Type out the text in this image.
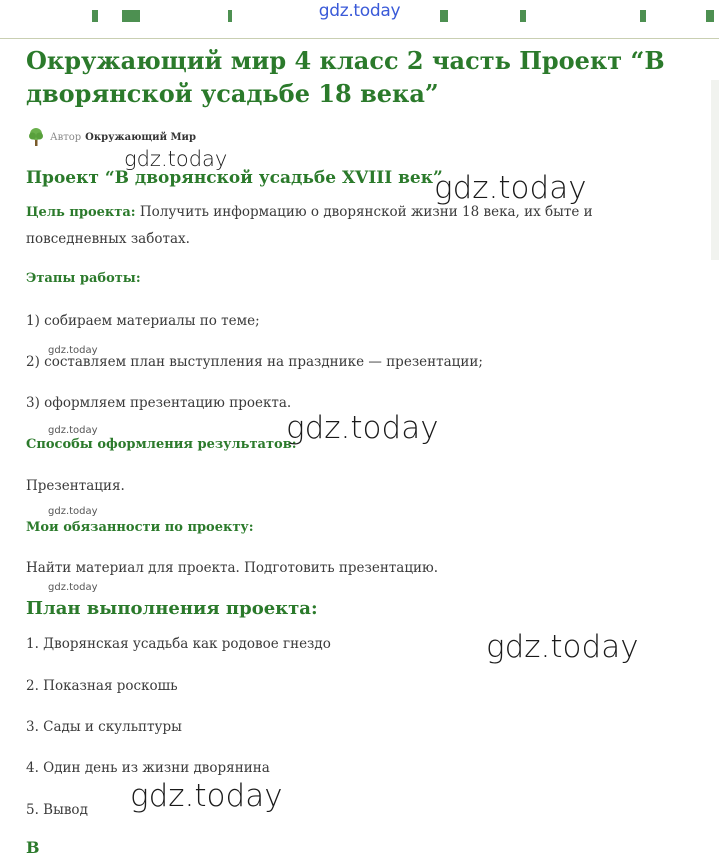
gdz.today
Окружающий мир 4 класс 2 часть Проект “В дворянской усадьбе 18 века”
Автор Окружающий Мир
Проект “В дворянской усадьбе XVIII век”
Цель проекта: Получить информацию о дворянской жизни 18 века, их быте и повседневных заботах.
Этапы работы:
1) собираем материалы по теме;
2) составляем план выступления на празднике — презентации;
3) оформляем презентацию проекта.
Способы оформления результатов:
Презентация.
Мои обязанности по проекту:
Найти материал для проекта. Подготовить презентацию.
План выполнения проекта:
1. Дворянская усадьба как родовое гнездо
2. Показная роскошь
3. Сады и скульптуры
4. Один день из жизни дворянина
5. Вывод
В
gdz.today
gdz.today
gdz.today
gdz.today
gdz.today
gdz.today
gdz.today
gdz.today
gdz.today
